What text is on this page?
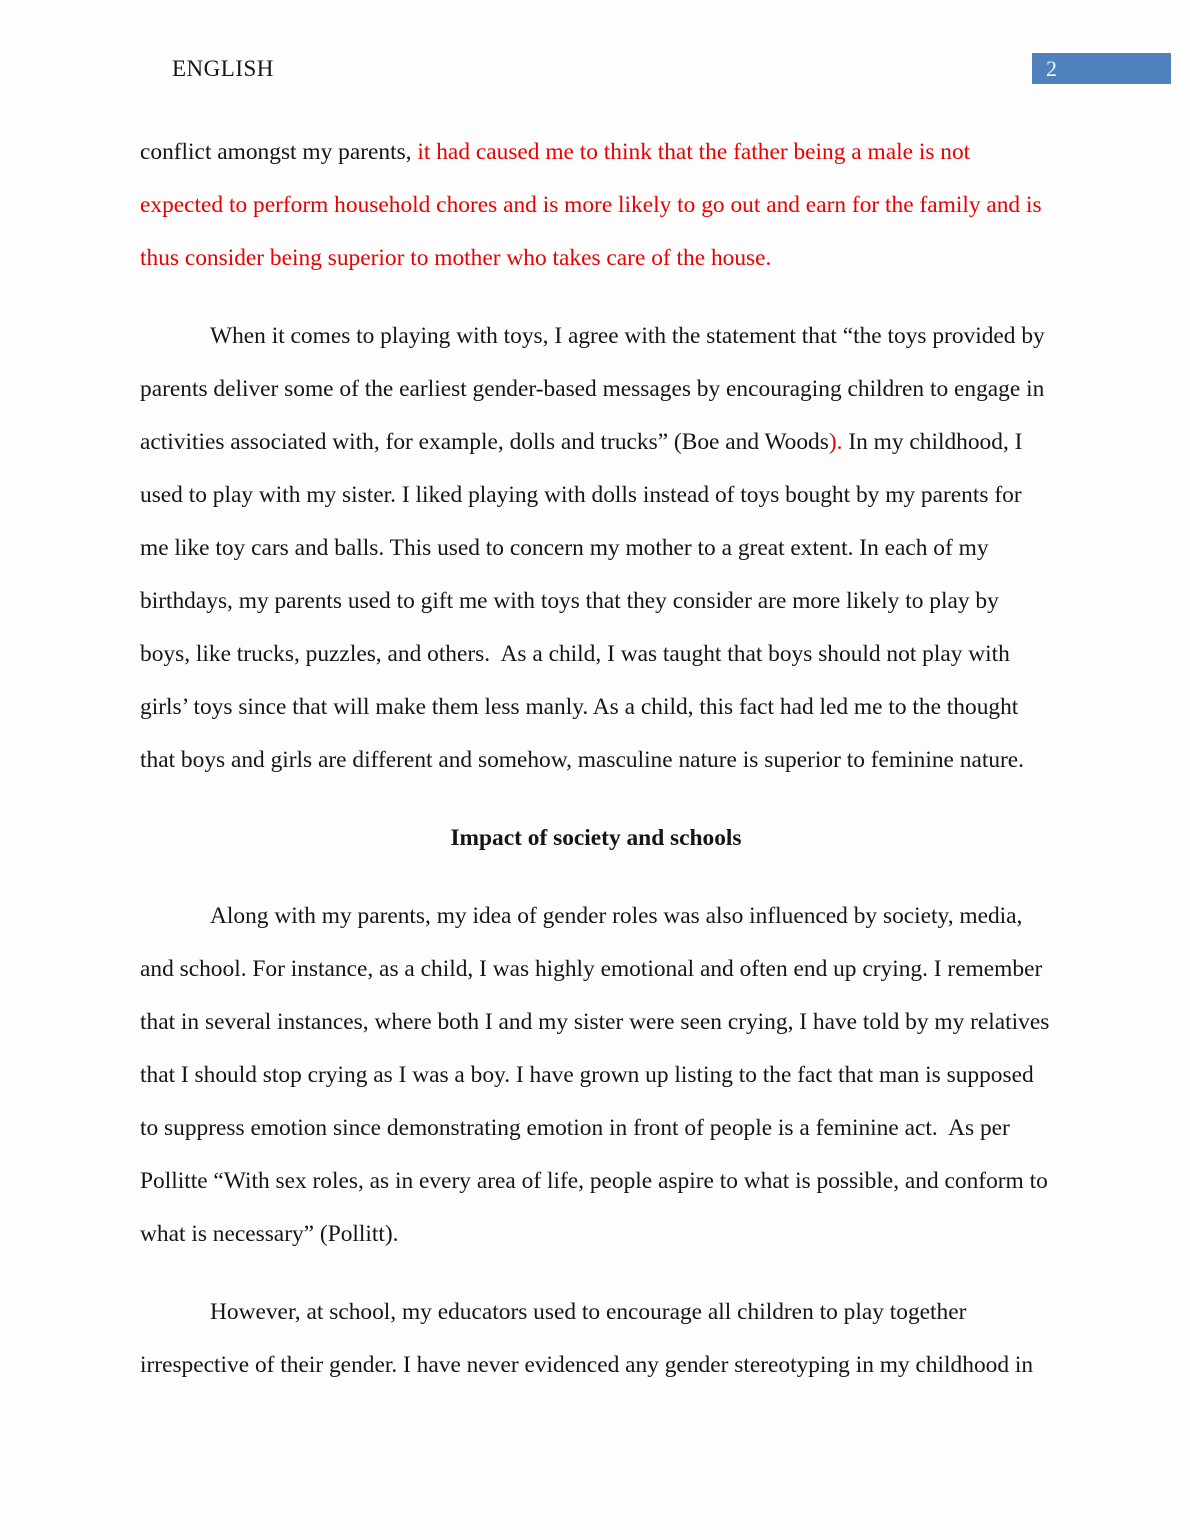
ENGLISH	2

conflict amongst my parents, it had caused me to think that the father being a male is not expected to perform household chores and is more likely to go out and earn for the family and is thus consider being superior to mother who takes care of the house.

When it comes to playing with toys, I agree with the statement that “the toys provided by parents deliver some of the earliest gender-based messages by encouraging children to engage in activities associated with, for example, dolls and trucks” (Boe and Woods). In my childhood, I used to play with my sister. I liked playing with dolls instead of toys bought by my parents for me like toy cars and balls. This used to concern my mother to a great extent. In each of my birthdays, my parents used to gift me with toys that they consider are more likely to play by boys, like trucks, puzzles, and others.  As a child, I was taught that boys should not play with girls’ toys since that will make them less manly. As a child, this fact had led me to the thought that boys and girls are different and somehow, masculine nature is superior to feminine nature.

Impact of society and schools

Along with my parents, my idea of gender roles was also influenced by society, media, and school. For instance, as a child, I was highly emotional and often end up crying. I remember that in several instances, where both I and my sister were seen crying, I have told by my relatives that I should stop crying as I was a boy. I have grown up listing to the fact that man is supposed to suppress emotion since demonstrating emotion in front of people is a feminine act.  As per Pollitte “With sex roles, as in every area of life, people aspire to what is possible, and conform to what is necessary” (Pollitt).

However, at school, my educators used to encourage all children to play together irrespective of their gender. I have never evidenced any gender stereotyping in my childhood in
